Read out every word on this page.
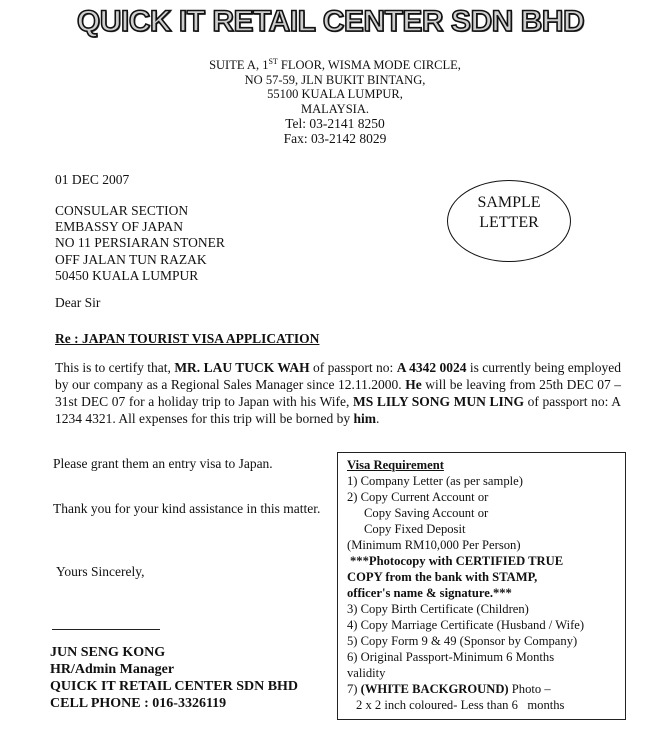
QUICK IT RETAIL CENTER SDN BHD
SUITE A, 1ST FLOOR, WISMA MODE CIRCLE,
NO 57-59, JLN BUKIT BINTANG,
55100 KUALA LUMPUR,
MALAYSIA.
Tel: 03-2141 8250
Fax: 03-2142 8029
SAMPLE
LETTER
01 DEC 2007
CONSULAR SECTION
EMBASSY OF JAPAN
NO 11 PERSIARAN STONER
OFF JALAN TUN RAZAK
50450 KUALA LUMPUR
Dear Sir
Re : JAPAN TOURIST VISA APPLICATION
This is to certify that, MR. LAU TUCK WAH of passport no: A 4342 0024 is currently being employed by our company as a Regional Sales Manager since 12.11.2000. He will be leaving from 25th DEC 07 – 31st DEC 07 for a holiday trip to Japan with his Wife, MS LILY SONG MUN LING of passport no: A 1234 4321. All expenses for this trip will be borned by him.
Please grant them an entry visa to Japan.
Thank you for your kind assistance in this matter.
Yours Sincerely,
JUN SENG KONG
HR/Admin Manager
QUICK IT RETAIL CENTER SDN BHD
CELL PHONE : 016-3326119
Visa Requirement
1) Company Letter (as per sample)
2) Copy Current Account or
Copy Saving Account or
Copy Fixed Deposit
(Minimum RM10,000 Per Person)
***Photocopy with CERTIFIED TRUE
COPY from the bank with STAMP,
officer's name & signature.***
3) Copy Birth Certificate (Children)
4) Copy Marriage Certificate (Husband / Wife)
5) Copy Form 9 & 49 (Sponsor by Company)
6) Original Passport-Minimum 6 Months
validity
7) (WHITE BACKGROUND) Photo –
2 x 2 inch coloured- Less than 6   months
